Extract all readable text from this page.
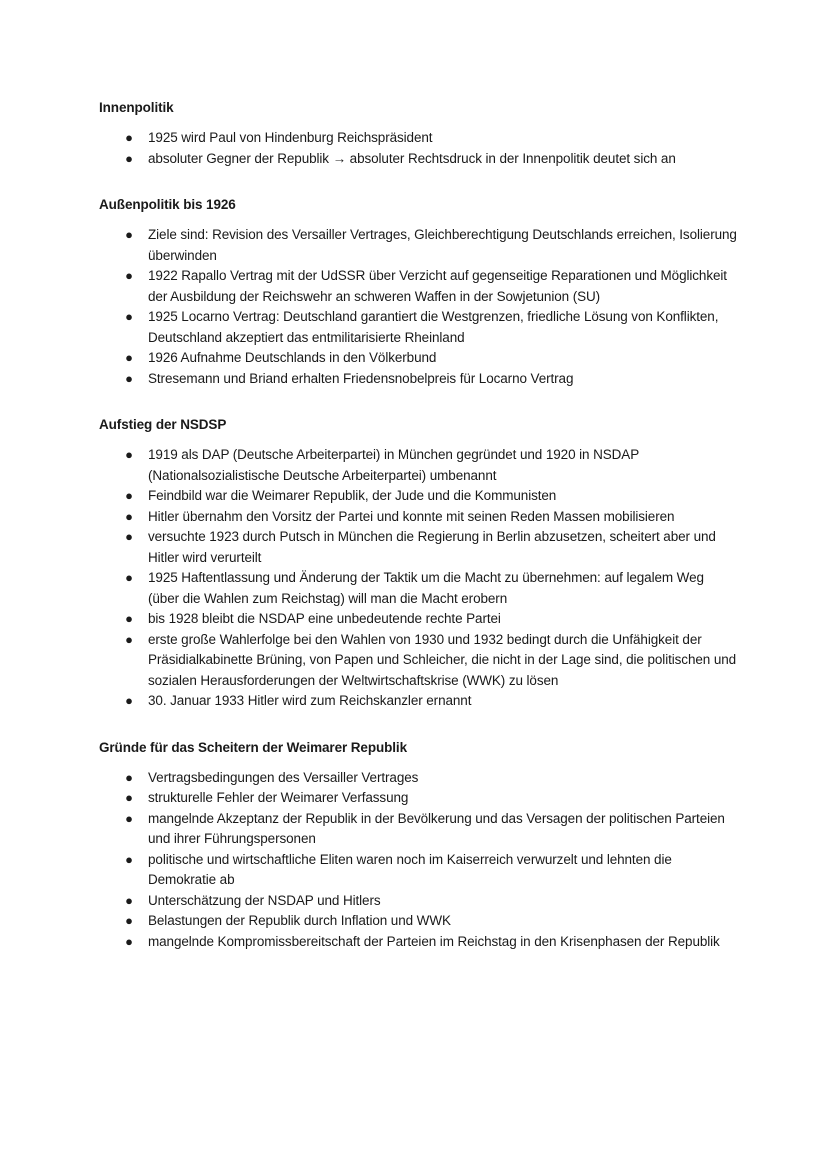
Innenpolitik
● 1925 wird Paul von Hindenburg Reichspräsident
● absoluter Gegner der Republik → absoluter Rechtsdruck in der Innenpolitik deutet sich an
Außenpolitik bis 1926
● Ziele sind: Revision des Versailler Vertrages, Gleichberechtigung Deutschlands erreichen, Isolierung überwinden
● 1922 Rapallo Vertrag mit der UdSSR über Verzicht auf gegenseitige Reparationen und Möglichkeit der Ausbildung der Reichswehr an schweren Waffen in der Sowjetunion (SU)
● 1925 Locarno Vertrag: Deutschland garantiert die Westgrenzen, friedliche Lösung von Konflikten, Deutschland akzeptiert das entmilitarisierte Rheinland
● 1926 Aufnahme Deutschlands in den Völkerbund
● Stresemann und Briand erhalten Friedensnobelpreis für Locarno Vertrag
Aufstieg der NSDSP
● 1919 als DAP (Deutsche Arbeiterpartei) in München gegründet und 1920 in NSDAP (Nationalsozialistische Deutsche Arbeiterpartei) umbenannt
● Feindbild war die Weimarer Republik, der Jude und die Kommunisten
● Hitler übernahm den Vorsitz der Partei und konnte mit seinen Reden Massen mobilisieren
● versuchte 1923 durch Putsch in München die Regierung in Berlin abzusetzen, scheitert aber und Hitler wird verurteilt
● 1925 Haftentlassung und Änderung der Taktik um die Macht zu übernehmen: auf legalem Weg (über die Wahlen zum Reichstag) will man die Macht erobern
● bis 1928 bleibt die NSDAP eine unbedeutende rechte Partei
● erste große Wahlerfolge bei den Wahlen von 1930 und 1932 bedingt durch die Unfähigkeit der Präsidialkabinette Brüning, von Papen und Schleicher, die nicht in der Lage sind, die politischen und sozialen Herausforderungen der Weltwirtschaftskrise (WWK) zu lösen
● 30. Januar 1933 Hitler wird zum Reichskanzler ernannt
Gründe für das Scheitern der Weimarer Republik
● Vertragsbedingungen des Versailler Vertrages
● strukturelle Fehler der Weimarer Verfassung
● mangelnde Akzeptanz der Republik in der Bevölkerung und das Versagen der politischen Parteien und ihrer Führungspersonen
● politische und wirtschaftliche Eliten waren noch im Kaiserreich verwurzelt und lehnten die Demokratie ab
● Unterschätzung der NSDAP und Hitlers
● Belastungen der Republik durch Inflation und WWK
● mangelnde Kompromissbereitschaft der Parteien im Reichstag in den Krisenphasen der Republik
